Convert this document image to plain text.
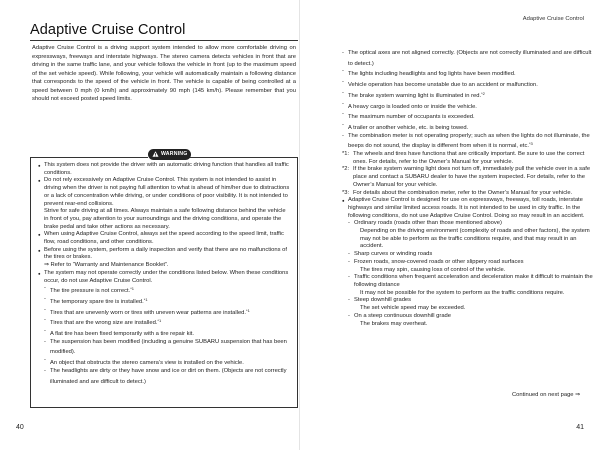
Adaptive Cruise Control

Adaptive Cruise Control is a driving support system intended to allow more comfortable driving on expressways, freeways and interstate highways. The stereo camera detects vehicles in front that are driving in the same traffic lane, and your vehicle follows the vehicle in front (up to the maximum speed of the set vehicle speed). While following, your vehicle will automatically maintain a following distance that corresponds to the speed of the vehicle in front. The vehicle is capable of being controlled at a speed between 0 mph (0 km/h) and approximately 90 mph (145 km/h). Please remember that you should not exceed posted speed limits.

WARNING
● This system does not provide the driver with an automatic driving function that handles all traffic conditions.
● Do not rely excessively on Adaptive Cruise Control. This system is not intended to assist in driving when the driver is not paying full attention to what is ahead of him/her due to distractions or a lack of concentration while driving, or under conditions of poor visibility. It is not intended to prevent rear-end collisions.
Strive for safe driving at all times. Always maintain a safe following distance behind the vehicle in front of you, pay attention to your surroundings and the driving conditions, and operate the brake pedal and take other actions as necessary.
● When using Adaptive Cruise Control, always set the speed according to the speed limit, traffic flow, road conditions, and other conditions.
● Before using the system, perform a daily inspection and verify that there are no malfunctions of the tires or brakes.
⇒ Refer to “Warranty and Maintenance Booklet”.
● The system may not operate correctly under the conditions listed below. When these conditions occur, do not use Adaptive Cruise Control.
- The tire pressure is not correct.$^{*1}$
- The temporary spare tire is installed.$^{*1}$
- Tires that are unevenly worn or tires with uneven wear patterns are installed.$^{*1}$
- Tires that are the wrong size are installed.$^{*1}$
- A flat tire has been fixed temporarily with a tire repair kit.
- The suspension has been modified (including a genuine SUBARU suspension that has been modified).
- An object that obstructs the stereo camera’s view is installed on the vehicle.
- The headlights are dirty or they have snow and ice or dirt on them. (Objects are not correctly illuminated and are difficult to detect.)
40
Adaptive Cruise Control
- The optical axes are not aligned correctly. (Objects are not correctly illuminated and are difficult to detect.)
- The lights including headlights and fog lights have been modified.
- Vehicle operation has become unstable due to an accident or malfunction.
- The brake system warning light is illuminated in red.$^{*2}$
- A heavy cargo is loaded onto or inside the vehicle.
- The maximum number of occupants is exceeded.
- A trailer or another vehicle, etc. is being towed.
- The combination meter is not operating properly; such as when the lights do not illuminate, the beeps do not sound, the display is different from when it is normal, etc.$^{*3}$
*1: The wheels and tires have functions that are critically important. Be sure to use the correct ones. For details, refer to the Owner’s Manual for your vehicle.
*2: If the brake system warning light does not turn off, immediately pull the vehicle over in a safe place and contact a SUBARU dealer to have the system inspected. For details, refer to the Owner’s Manual for your vehicle.
*3: For details about the combination meter, refer to the Owner’s Manual for your vehicle.
● Adaptive Cruise Control is designed for use on expressways, freeways, toll roads, interstate highways and similar limited access roads. It is not intended to be used in city traffic. In the following conditions, do not use Adaptive Cruise Control. Doing so may result in an accident.
- Ordinary roads (roads other than those mentioned above)
Depending on the driving environment (complexity of roads and other factors), the system may not be able to perform as the traffic conditions require, and that may result in an accident.
- Sharp curves or winding roads
- Frozen roads, snow-covered roads or other slippery road surfaces
The tires may spin, causing loss of control of the vehicle.
- Traffic conditions when frequent acceleration and deceleration make it difficult to maintain the following distance
It may not be possible for the system to perform as the traffic conditions require.
- Steep downhill grades
The set vehicle speed may be exceeded.
- On a steep continuous downhill grade
The brakes may overheat.
Continued on next page ⇒
41
